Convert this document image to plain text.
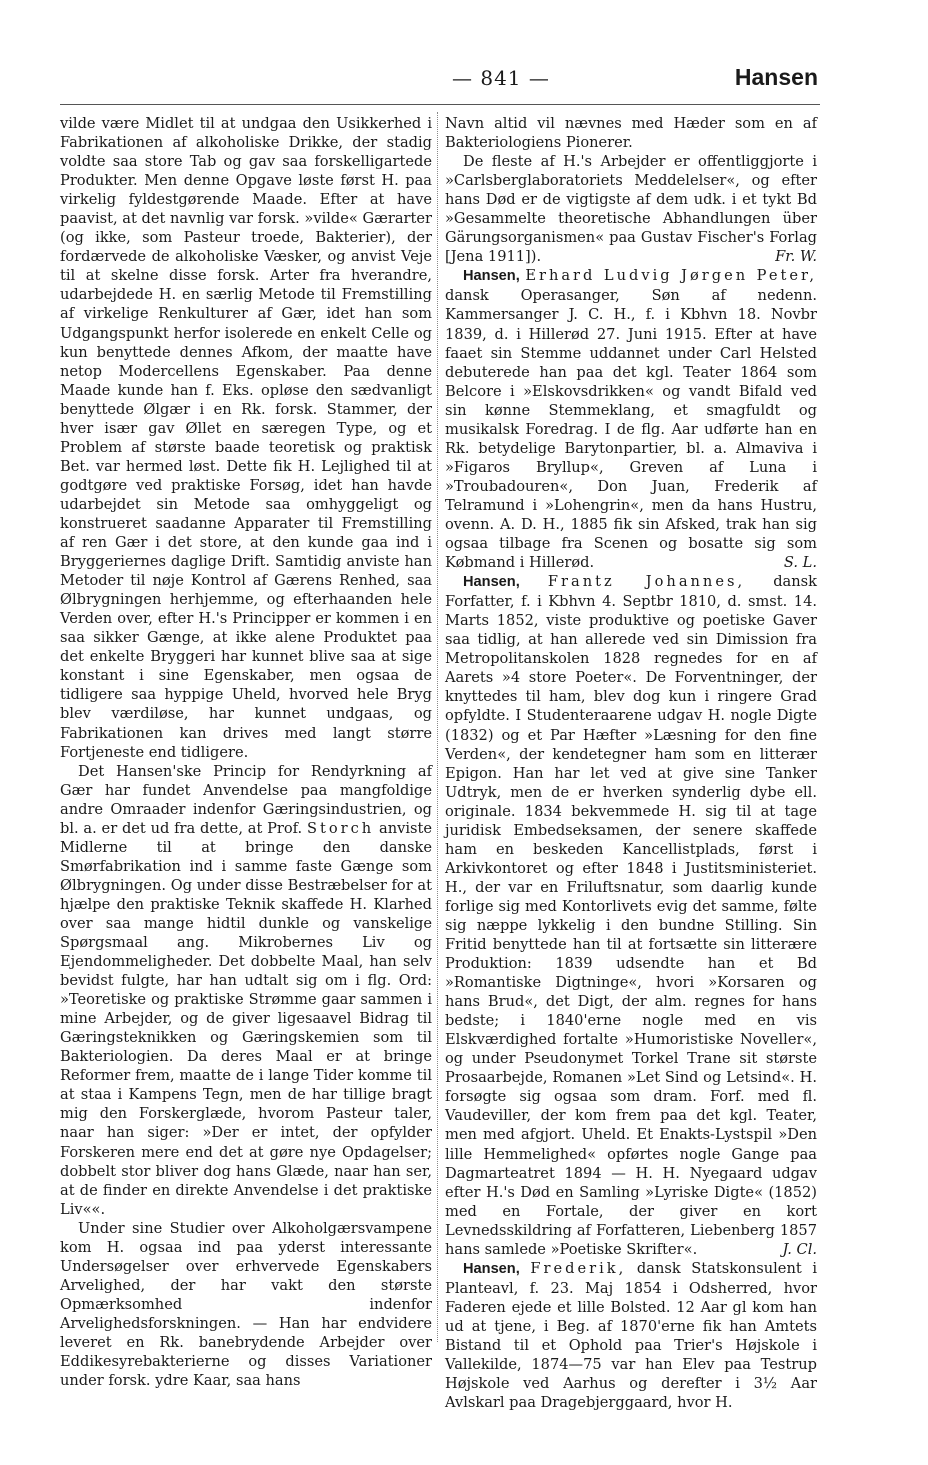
— 841 —	Hansen

vilde være Midlet til at undgaa den Usikkerhed i Fabrikationen af alkoholiske Drikke, der stadig voldte saa store Tab og gav saa forskelligartede Produkter. Men denne Opgave løste først H. paa virkelig fyldestgørende Maade. Efter at have paavist, at det navnlig var forsk. »vilde« Gærarter (og ikke, som Pasteur troede, Bakterier), der fordærvede de alkoholiske Væsker, og anvist Veje til at skelne disse forsk. Arter fra hverandre, udarbejdede H. en særlig Metode til Fremstilling af virkelige Renkulturer af Gær, idet han som Udgangspunkt herfor isolerede en enkelt Celle og kun benyttede dennes Afkom, der maatte have netop Modercellens Egenskaber. Paa denne Maade kunde han f. Eks. opløse den sædvanligt benyttede Ølgær i en Rk. forsk. Stammer, der hver især gav Øllet en særegen Type, og et Problem af største baade teoretisk og praktisk Bet. var hermed løst. Dette fik H. Lejlighed til at godtgøre ved praktiske Forsøg, idet han havde udarbejdet sin Metode saa omhyggeligt og konstrueret saadanne Apparater til Fremstilling af ren Gær i det store, at den kunde gaa ind i Bryggeriernes daglige Drift. Samtidig anviste han Metoder til nøje Kontrol af Gærens Renhed, saa Ølbrygningen herhjemme, og efterhaanden hele Verden over, efter H.'s Principper er kommen i en saa sikker Gænge, at ikke alene Produktet paa det enkelte Bryggeri har kunnet blive saa at sige konstant i sine Egenskaber, men ogsaa de tidligere saa hyppige Uheld, hvorved hele Bryg blev værdiløse, har kunnet undgaas, og Fabrikationen kan drives med langt større Fortjeneste end tidligere.

Det Hansen'ske Princip for Rendyrkning af Gær har fundet Anvendelse paa mangfoldige andre Omraader indenfor Gæringsindustrien, og bl. a. er det ud fra dette, at Prof. Storch anviste Midlerne til at bringe den danske Smørfabrikation ind i samme faste Gænge som Ølbrygningen. Og under disse Bestræbelser for at hjælpe den praktiske Teknik skaffede H. Klarhed over saa mange hidtil dunkle og vanskelige Spørgsmaal ang. Mikrobernes Liv og Ejendommeligheder. Det dobbelte Maal, han selv bevidst fulgte, har han udtalt sig om i flg. Ord: »Teoretiske og praktiske Strømme gaar sammen i mine Arbejder, og de giver ligesaavel Bidrag til Gæringsteknikken og Gæringskemien som til Bakteriologien. Da deres Maal er at bringe Reformer frem, maatte de i lange Tider komme til at staa i Kampens Tegn, men de har tillige bragt mig den Forskerglæde, hvorom Pasteur taler, naar han siger: »Der er intet, der opfylder Forskeren mere end det at gøre nye Opdagelser; dobbelt stor bliver dog hans Glæde, naar han ser, at de finder en direkte Anvendelse i det praktiske Liv««.

Under sine Studier over Alkoholgærsvampene kom H. ogsaa ind paa yderst interessante Undersøgelser over erhvervede Egenskabers Arvelighed, der har vakt den største Opmærksomhed indenfor Arvelighedsforskningen. — Han har endvidere leveret en Rk. banebrydende Arbejder over Eddikesyrebakterierne og disses Variationer under forsk. ydre Kaar, saa hans

Navn altid vil nævnes med Hæder som en af Bakteriologiens Pionerer.

De fleste af H.'s Arbejder er offentliggjorte i »Carlsberglaboratoriets Meddelelser«, og efter hans Død er de vigtigste af dem udk. i et tykt Bd »Gesammelte theoretische Abhandlungen über Gärungsorganismen« paa Gustav Fischer's Forlag [Jena 1911]).	Fr. W.

Hansen, Erhard Ludvig Jørgen Peter, dansk Operasanger, Søn af nedenn. Kammersanger J. C. H., f. i Kbhvn 18. Novbr 1839, d. i Hillerød 27. Juni 1915. Efter at have faaet sin Stemme uddannet under Carl Helsted debuterede han paa det kgl. Teater 1864 som Belcore i »Elskovsdrikken« og vandt Bifald ved sin kønne Stemmeklang, et smagfuldt og musikalsk Foredrag. I de flg. Aar udførte han en Rk. betydelige Barytonpartier, bl. a. Almaviva i »Figaros Bryllup«, Greven af Luna i »Troubadouren«, Don Juan, Frederik af Telramund i »Lohengrin«, men da hans Hustru, ovenn. A. D. H., 1885 fik sin Afsked, trak han sig ogsaa tilbage fra Scenen og bosatte sig som Købmand i Hillerød.	S. L.

Hansen, Frantz Johannes, dansk Forfatter, f. i Kbhvn 4. Septbr 1810, d. smst. 14. Marts 1852, viste produktive og poetiske Gaver saa tidlig, at han allerede ved sin Dimission fra Metropolitanskolen 1828 regnedes for en af Aarets »4 store Poeter«. De Forventninger, der knyttedes til ham, blev dog kun i ringere Grad opfyldte. I Studenteraarene udgav H. nogle Digte (1832) og et Par Hæfter »Læsning for den fine Verden«, der kendetegner ham som en litterær Epigon. Han har let ved at give sine Tanker Udtryk, men de er hverken synderlig dybe ell. originale. 1834 bekvemmede H. sig til at tage juridisk Embedseksamen, der senere skaffede ham en beskeden Kancellistplads, først i Arkivkontoret og efter 1848 i Justitsministeriet. H., der var en Friluftsnatur, som daarlig kunde forlige sig med Kontorlivets evig det samme, følte sig næppe lykkelig i den bundne Stilling. Sin Fritid benyttede han til at fortsætte sin litterære Produktion: 1839 udsendte han et Bd »Romantiske Digtninge«, hvori »Korsaren og hans Brud«, det Digt, der alm. regnes for hans bedste; i 1840'erne nogle med en vis Elskværdighed fortalte »Humoristiske Noveller«, og under Pseudonymet Torkel Trane sit største Prosaarbejde, Romanen »Let Sind og Letsind«. H. forsøgte sig ogsaa som dram. Forf. med fl. Vaudeviller, der kom frem paa det kgl. Teater, men med afgjort. Uheld. Et Enakts-Lystspil »Den lille Hemmelighed« opførtes nogle Gange paa Dagmarteatret 1894 — H. H. Nyegaard udgav efter H.'s Død en Samling »Lyriske Digte« (1852) med en Fortale, der giver en kort Levnedsskildring af Forfatteren, Liebenberg 1857 hans samlede »Poetiske Skrifter«.	J. Cl.

Hansen, Frederik, dansk Statskonsulent i Planteavl, f. 23. Maj 1854 i Odsherred, hvor Faderen ejede et lille Bolsted. 12 Aar gl kom han ud at tjene, i Beg. af 1870'erne fik han Amtets Bistand til et Ophold paa Trier's Højskole i Vallekilde, 1874—75 var han Elev paa Testrup Højskole ved Aarhus og derefter i 3½ Aar Avlskarl paa Dragebjerggaard, hvor H.
